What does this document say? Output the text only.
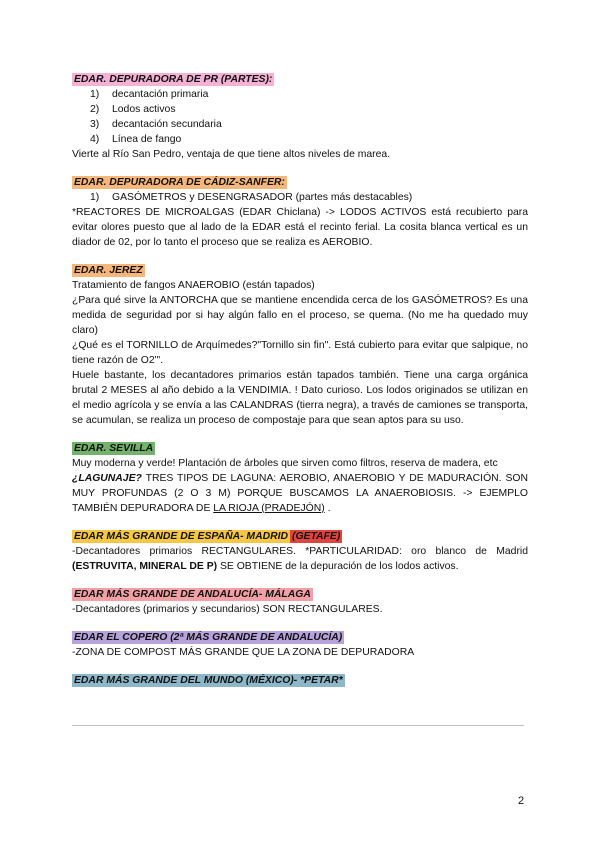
EDAR. DEPURADORA DE PR (PARTES):
1) decantación primaria
2) Lodos activos
3) decantación secundaria
4) Línea de fango

Vierte al Río San Pedro, ventaja de que tiene altos niveles de marea.

EDAR. DEPURADORA DE CÁDIZ-SANFER:
1) GASÓMETROS y DESENGRASADOR (partes más destacables)

*REACTORES DE MICROALGAS (EDAR Chiclana) -> LODOS ACTIVOS está recubierto para evitar olores puesto que al lado de la EDAR está el recinto ferial. La cosita blanca vertical es un diador de 02, por lo tanto el proceso que se realiza es AEROBIO.

EDAR. JEREZ

Tratamiento de fangos ANAEROBIO (están tapados)

¿Para qué sirve la ANTORCHA que se mantiene encendida cerca de los GASÓMETROS? Es una medida de seguridad por si hay algún fallo en el proceso, se quema. (No me ha quedado muy claro)

¿Qué es el TORNILLO de Arquímedes?"Tornillo sin fin". Está cubierto para evitar que salpique, no tiene razón de O2"'.

Huele bastante, los decantadores primarios están tapados también. Tiene una carga orgánica brutal 2 MESES al año debido a la VENDIMIA. ! Dato curioso. Los lodos originados se utilizan en el medio agrícola y se envía a las CALANDRAS (tierra negra), a través de camiones se transporta, se acumulan, se realiza un proceso de compostaje para que sean aptos para su uso.

EDAR. SEVILLA

Muy moderna y verde! Plantación de árboles que sirven como filtros, reserva de madera, etc

¿LAGUNAJE? TRES TIPOS DE LAGUNA: AEROBIO, ANAEROBIO Y DE MADURACIÓN. SON MUY PROFUNDAS (2 O 3 M) PORQUE BUSCAMOS LA ANAEROBIOSIS. -> EJEMPLO TAMBIÉN DEPURADORA DE LA RIOJA (PRADEJÓN) .

EDAR MÁS GRANDE DE ESPAÑA- MADRID (GETAFE)

-Decantadores primarios RECTANGULARES. *PARTICULARIDAD: oro blanco de Madrid (ESTRUVITA, MINERAL DE P) SE OBTIENE de la depuración de los lodos activos.

EDAR MÁS GRANDE DE ANDALUCÍA- MÁLAGA

-Decantadores (primarios y secundarios) SON RECTANGULARES.

EDAR EL COPERO (2ª MÁS GRANDE DE ANDALUCÍA)

-ZONA DE COMPOST MÁS GRANDE QUE LA ZONA DE DEPURADORA

EDAR MÁS GRANDE DEL MUNDO (MÉXICO)- *PETAR*
2
